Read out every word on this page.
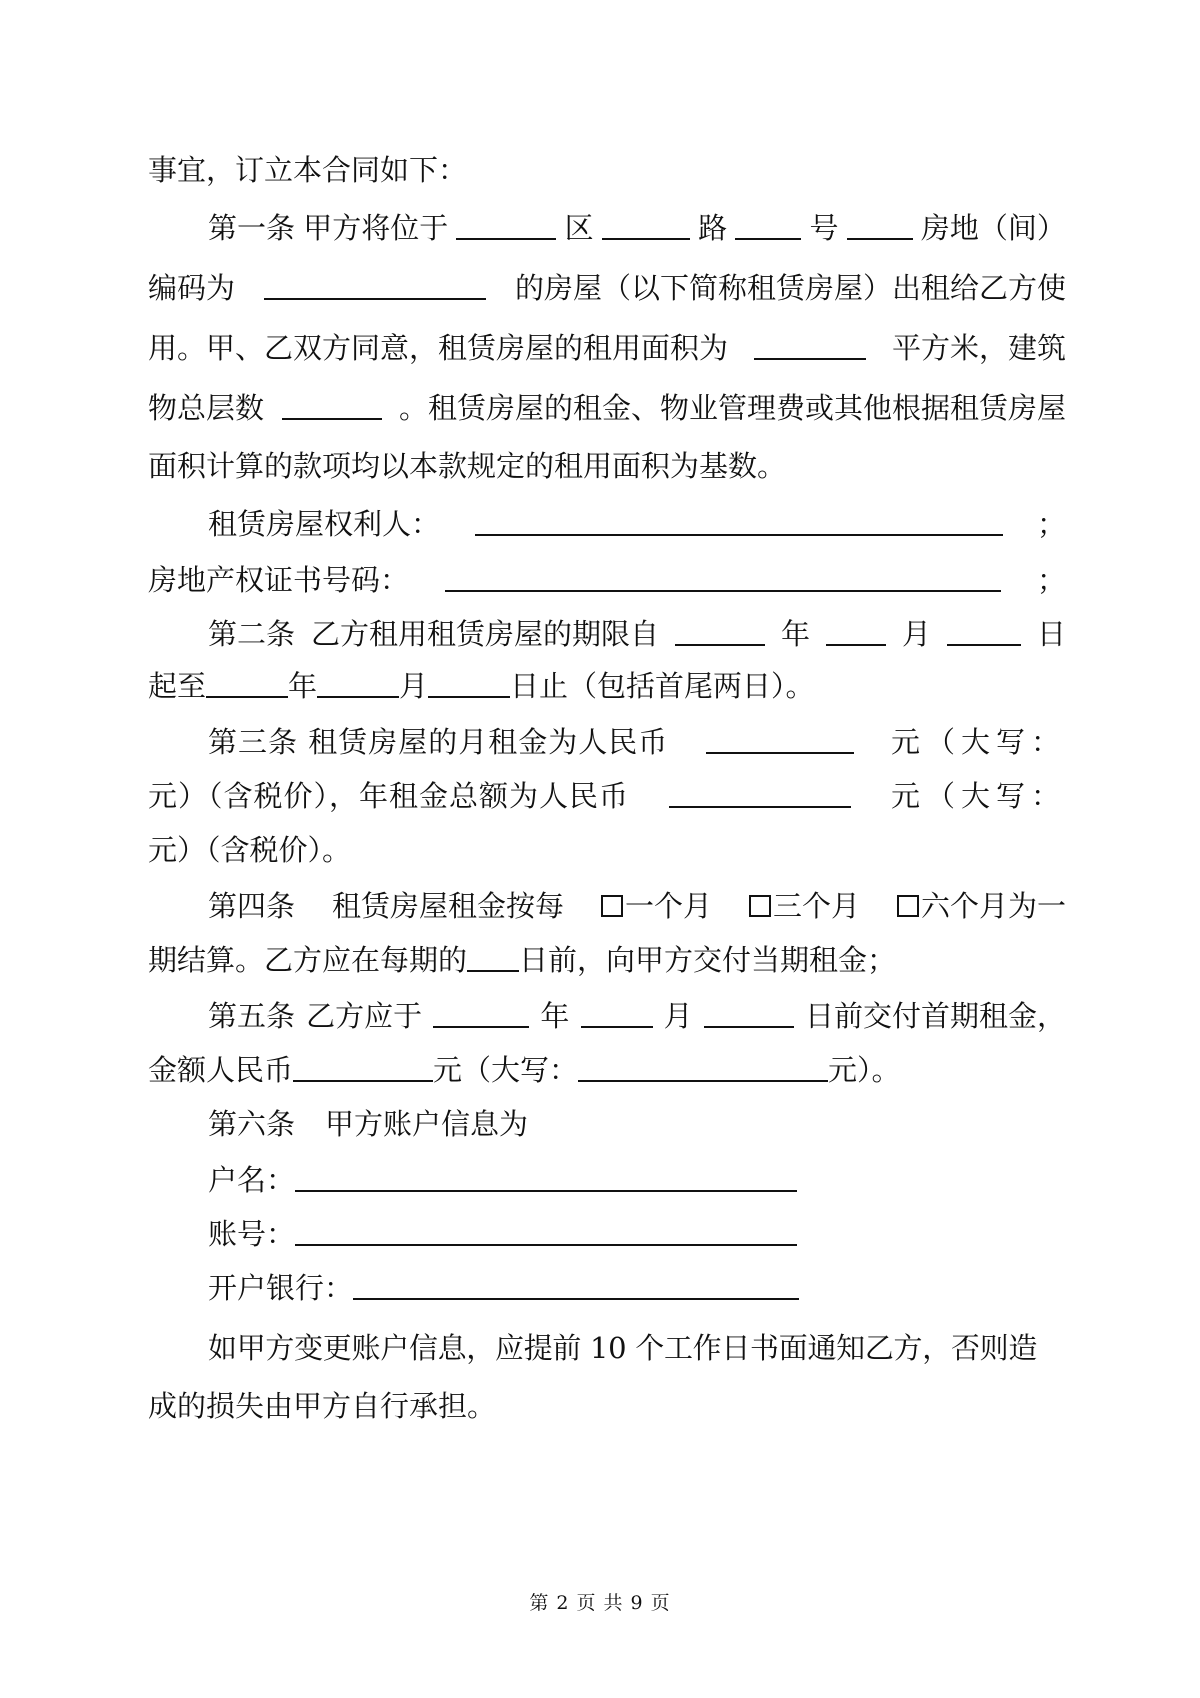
事宜，订立本合同如下：
第一条 甲方将位于	区	路	号	房地（间）
编码为	的房屋（以下简称租赁房屋）出租给乙方使
用。甲、乙双方同意，租赁房屋的租用面积为	平方米，建筑
物总层数	。租赁房屋的租金、物业管理费或其他根据租赁房屋
面积计算的款项均以本款规定的租用面积为基数。
租赁房屋权利人：	；
房地产权证书号码：	；
第二条 乙方租用租赁房屋的期限自	年	月	日
起至	年	月	日止（包括首尾两日）。
第三条 租赁房屋的月租金为人民币	元（大写：
元）（含税价），年租金总额为人民币	元（大写：
元）（含税价）。
第四条 租赁房屋租金按每	一个月	三个月	六个月为一
期结算。乙方应在每期的 日前，向甲方交付当期租金；
第五条 乙方应于	年	月	日前交付首期租金，
金额人民币	元（大写：	元）。
第六条 甲方账户信息为
户名：
账号：
开户银行：
如甲方变更账户信息，应提前 10 个工作日书面通知乙方，否则造
成的损失由甲方自行承担。
第 2 页 共 9 页
